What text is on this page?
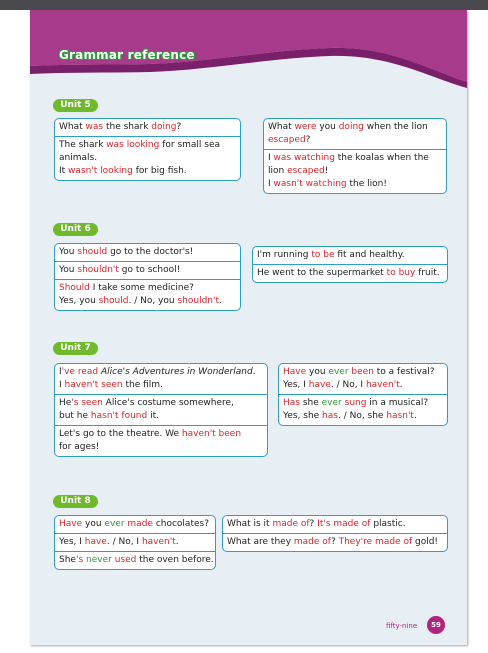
Grammar reference
Unit 5
What was the shark doing?
The shark was looking for small sea
animals.
It wasn't looking for big fish.
What were you doing when the lion
escaped?
I was watching the koalas when the
lion escaped!
I wasn't watching the lion!
Unit 6
You should go to the doctor's!
You shouldn't go to school!
Should I take some medicine?
Yes, you should. / No, you shouldn't.
I'm running to be fit and healthy.
He went to the supermarket to buy fruit.
Unit 7
I've read Alice's Adventures in Wonderland.
I haven't seen the film.
He's seen Alice's costume somewhere,
but he hasn't found it.
Let's go to the theatre. We haven't been
for ages!
Have you ever been to a festival?
Yes, I have. / No, I haven't.
Has she ever sung in a musical?
Yes, she has. / No, she hasn't.
Unit 8
Have you ever made chocolates?
Yes, I have. / No, I haven't.
She's never used the oven before.
What is it made of? It's made of plastic.
What are they made of? They're made of gold!
fifty-nine	59
